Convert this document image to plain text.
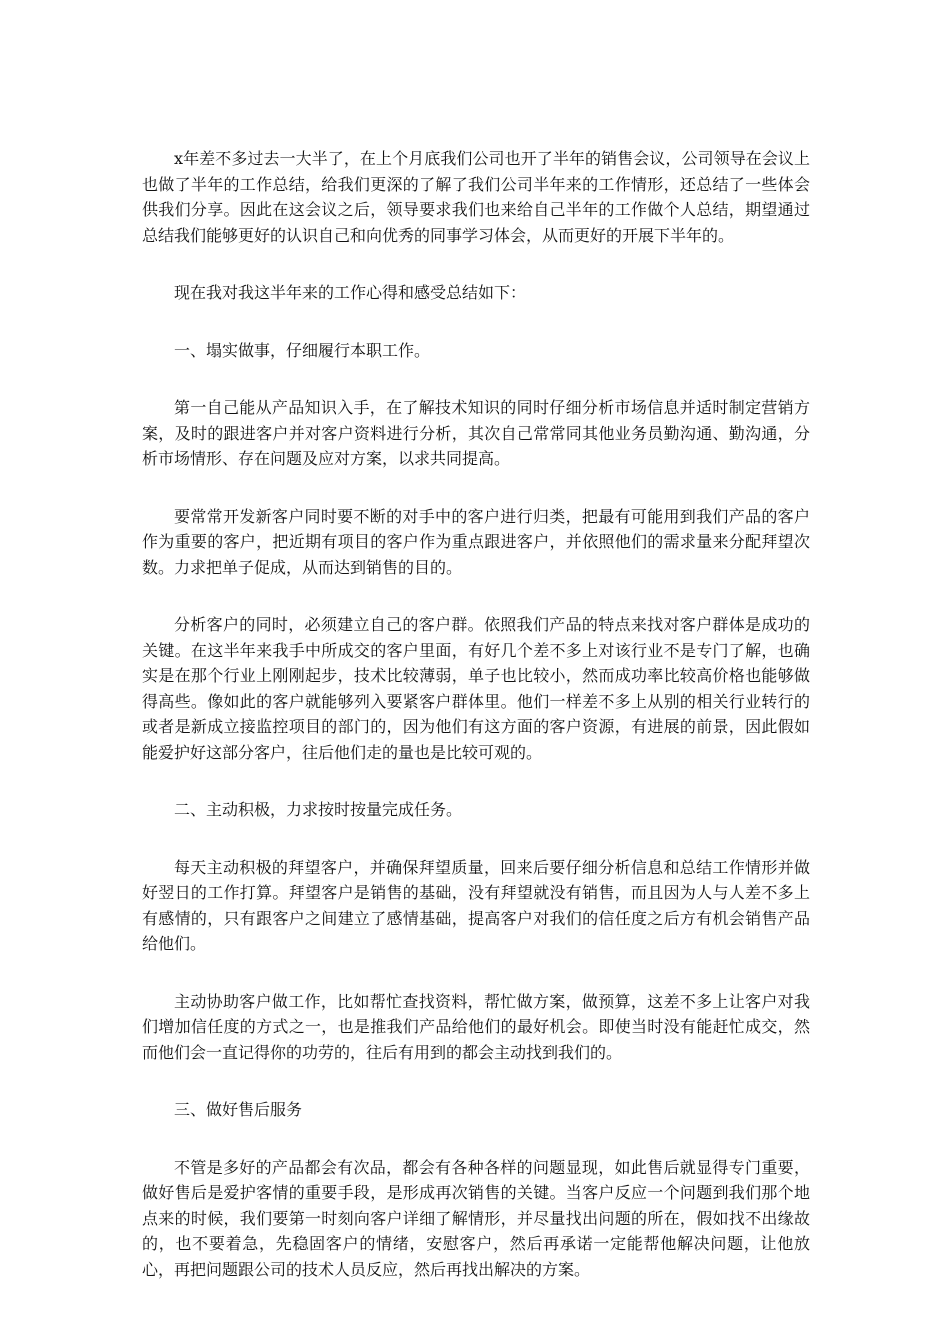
x年差不多过去一大半了，在上个月底我们公司也开了半年的销售会议，公司领导在会议上也做了半年的工作总结，给我们更深的了解了我们公司半年来的工作情形，还总结了一些体会供我们分享。因此在这会议之后，领导要求我们也来给自己半年的工作做个人总结，期望通过总结我们能够更好的认识自己和向优秀的同事学习体会，从而更好的开展下半年的。

现在我对我这半年来的工作心得和感受总结如下：

一、塌实做事，仔细履行本职工作。

第一自己能从产品知识入手，在了解技术知识的同时仔细分析市场信息并适时制定营销方案，及时的跟进客户并对客户资料进行分析，其次自己常常同其他业务员勤沟通、勤沟通，分析市场情形、存在问题及应对方案，以求共同提高。

要常常开发新客户同时要不断的对手中的客户进行归类，把最有可能用到我们产品的客户作为重要的客户，把近期有项目的客户作为重点跟进客户，并依照他们的需求量来分配拜望次数。力求把单子促成，从而达到销售的目的。

分析客户的同时，必须建立自己的客户群。依照我们产品的特点来找对客户群体是成功的关键。在这半年来我手中所成交的客户里面，有好几个差不多上对该行业不是专门了解，也确实是在那个行业上刚刚起步，技术比较薄弱，单子也比较小，然而成功率比较高价格也能够做得高些。像如此的客户就能够列入要紧客户群体里。他们一样差不多上从别的相关行业转行的或者是新成立接监控项目的部门的，因为他们有这方面的客户资源，有进展的前景，因此假如能爱护好这部分客户，往后他们走的量也是比较可观的。

二、主动积极，力求按时按量完成任务。

每天主动积极的拜望客户，并确保拜望质量，回来后要仔细分析信息和总结工作情形并做好翌日的工作打算。拜望客户是销售的基础，没有拜望就没有销售，而且因为人与人差不多上有感情的，只有跟客户之间建立了感情基础，提高客户对我们的信任度之后方有机会销售产品给他们。

主动协助客户做工作，比如帮忙查找资料，帮忙做方案，做预算，这差不多上让客户对我们增加信任度的方式之一，也是推我们产品给他们的最好机会。即使当时没有能赶忙成交，然而他们会一直记得你的功劳的，往后有用到的都会主动找到我们的。

三、做好售后服务

不管是多好的产品都会有次品，都会有各种各样的问题显现，如此售后就显得专门重要，做好售后是爱护客情的重要手段，是形成再次销售的关键。当客户反应一个问题到我们那个地点来的时候，我们要第一时刻向客户详细了解情形，并尽量找出问题的所在，假如找不出缘故的，也不要着急，先稳固客户的情绪，安慰客户，然后再承诺一定能帮他解决问题，让他放心，再把问题跟公司的技术人员反应，然后再找出解决的方案。
